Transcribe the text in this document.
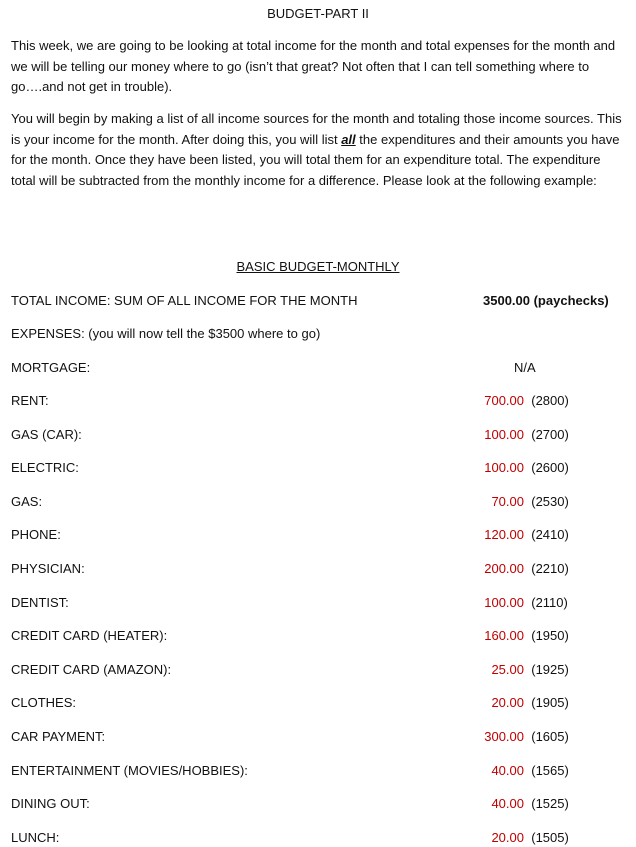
BUDGET-PART II

This week, we are going to be looking at total income for the month and total expenses for the month and we will be telling our money where to go (isn’t that great? Not often that I can tell something where to go….and not get in trouble).

You will begin by making a list of all income sources for the month and totaling those income sources. This is your income for the month. After doing this, you will list all the expenditures and their amounts you have for the month. Once they have been listed, you will total them for an expenditure total. The expenditure total will be subtracted from the monthly income for a difference. Please look at the following example:

BASIC BUDGET-MONTHLY
TOTAL INCOME: SUM OF ALL INCOME FOR THE MONTH	3500.00 (paychecks)
EXPENSES: (you will now tell the $3500 where to go)
MORTGAGE:	N/A
RENT:	700.00 (2800)
GAS (CAR):	100.00 (2700)
ELECTRIC:	100.00 (2600)
GAS:	70.00 (2530)
PHONE:	120.00 (2410)
PHYSICIAN:	200.00 (2210)
DENTIST:	100.00 (2110)
CREDIT CARD (HEATER):	160.00 (1950)
CREDIT CARD (AMAZON):	25.00 (1925)
CLOTHES:	20.00 (1905)
CAR PAYMENT:	300.00 (1605)
ENTERTAINMENT (MOVIES/HOBBIES):	40.00 (1565)
DINING OUT:	40.00 (1525)
LUNCH:	20.00 (1505)
